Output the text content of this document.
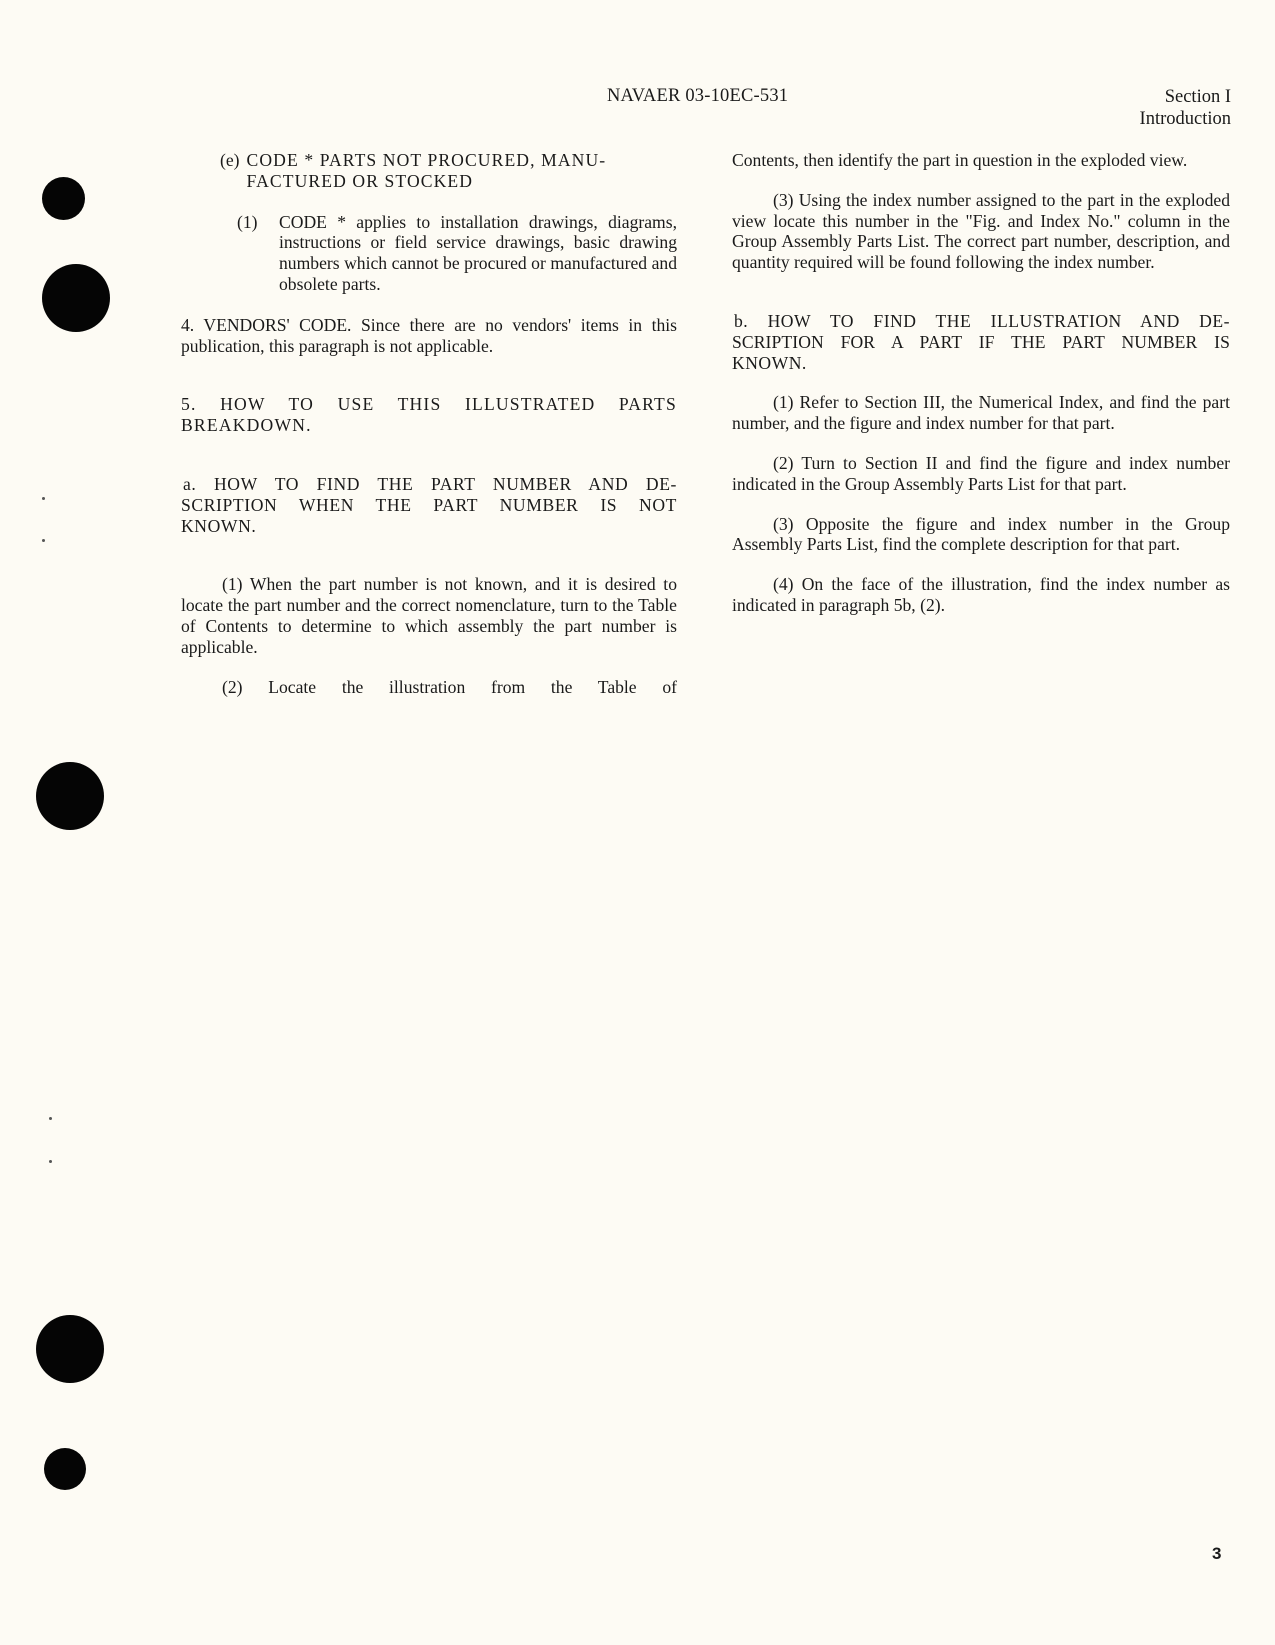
NAVAER 03-10EC-531	Section I
Introduction
(e) CODE * PARTS NOT PROCURED, MANU-
FACTURED OR STOCKED
(1)	CODE * applies to installation drawings, diagrams, instructions or field service drawings, basic drawing numbers which cannot be procured or manufactured and obsolete parts.

4. VENDORS' CODE. Since there are no vendors' items in this publication, this paragraph is not applicable.

5. HOW TO USE THIS ILLUSTRATED PARTS BREAKDOWN.

a. HOW TO FIND THE PART NUMBER AND DE-
SCRIPTION WHEN THE PART NUMBER IS NOT
KNOWN.

(1) When the part number is not known, and it is desired to locate the part number and the correct nomenclature, turn to the Table of Contents to determine to which assembly the part number is applicable.

(2) Locate the illustration from the Table of

Contents, then identify the part in question in the exploded view.

(3) Using the index number assigned to the part in the exploded view locate this number in the "Fig. and Index No." column in the Group Assembly Parts List. The correct part number, description, and quantity required will be found following the index number.

b. HOW TO FIND THE ILLUSTRATION AND DE-
SCRIPTION FOR A PART IF THE PART NUMBER IS
KNOWN.

(1) Refer to Section III, the Numerical Index, and find the part number, and the figure and index number for that part.

(2) Turn to Section II and find the figure and index number indicated in the Group Assembly Parts List for that part.

(3) Opposite the figure and index number in the Group Assembly Parts List, find the complete description for that part.

(4) On the face of the illustration, find the index number as indicated in paragraph 5b, (2).

3
